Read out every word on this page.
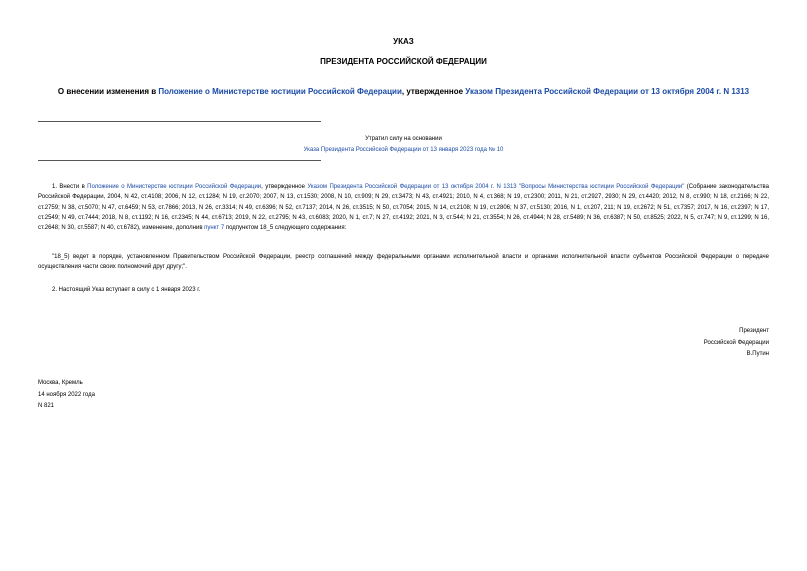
УКАЗ
ПРЕЗИДЕНТА РОССИЙСКОЙ ФЕДЕРАЦИИ
О внесении изменения в Положение о Министерстве юстиции Российской Федерации, утвержденное Указом Президента Российской Федерации от 13 октября 2004 г. N 1313
Утратил силу на основании
Указа Президента Российской Федерации от 13 января 2023 года № 10
1. Внести в Положение о Министерстве юстиции Российской Федерации, утвержденное Указом Президента Российской Федерации от 13 октября 2004 г. N 1313 "Вопросы Министерства юстиции Российской Федерации" (Собрание законодательства Российской Федерации, 2004, N 42, ст.4108; 2006, N 12, ст.1284; N 19, ст.2070; 2007, N 13, ст.1530; 2008, N 10, ст.909; N 29, ст.3473; N 43, ст.4921; 2010, N 4, ст.368; N 19, ст.2300; 2011, N 21, ст.2927, 2930; N 29, ст.4420; 2012, N 8, ст.990; N 18, ст.2166; N 22, ст.2759; N 38, ст.5070; N 47, ст.6459; N 53, ст.7866; 2013, N 26, ст.3314; N 49, ст.6396; N 52, ст.7137; 2014, N 26, ст.3515; N 50, ст.7054; 2015, N 14, ст.2108; N 19, ст.2806; N 37, ст.5130; 2016, N 1, ст.207, 211; N 19, ст.2672; N 51, ст.7357; 2017, N 16, ст.2397; N 17, ст.2549; N 49, ст.7444; 2018, N 8, ст.1192; N 16, ст.2345; N 44, ст.6713; 2019, N 22, ст.2795; N 43, ст.6083; 2020, N 1, ст.7; N 27, ст.4192; 2021, N 3, ст.544; N 21, ст.3554; N 26, ст.4944; N 28, ст.5489; N 36, ст.6387; N 50, ст.8525; 2022, N 5, ст.747; N 9, ст.1299; N 16, ст.2648; N 30, ст.5587; N 40, ст.6782), изменение, дополнив пункт 7 подпунктом 18_5 следующего содержания:
"18_5) ведет в порядке, установленном Правительством Российской Федерации, реестр соглашений между федеральными органами исполнительной власти и органами исполнительной власти субъектов Российской Федерации о передаче осуществления части своих полномочий друг другу;".
2. Настоящий Указ вступает в силу с 1 января 2023 г.
Президент
Российской Федерации
В.Путин
Москва, Кремль
14 ноября 2022 года
N 821
